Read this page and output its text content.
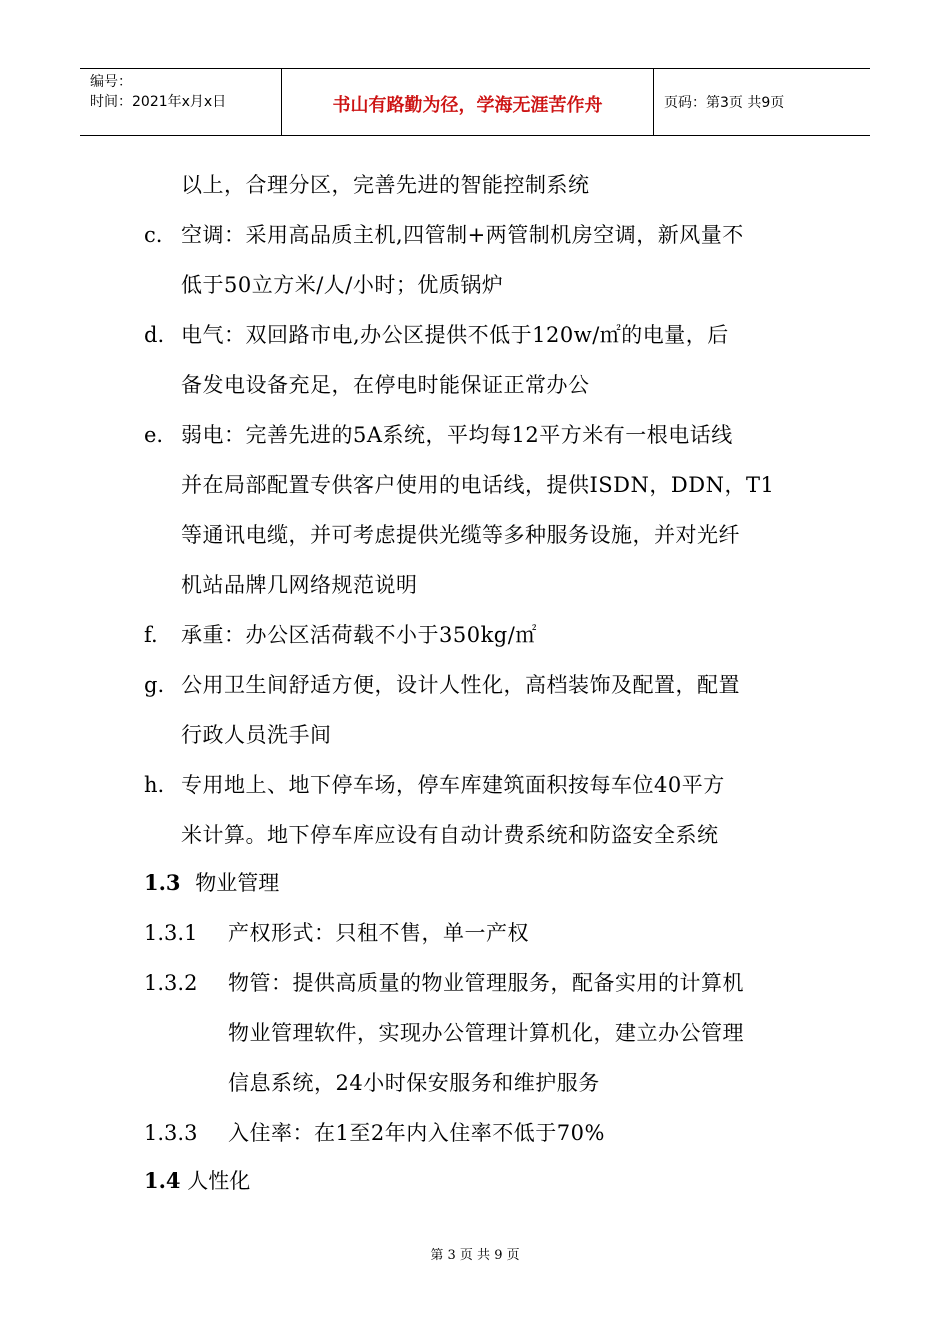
编号：
时间：2021年x月x日	书山有路勤为径，学海无涯苦作舟	页码：第3页 共9页
以上，合理分区，完善先进的智能控制系统
c. 空调：采用高品质主机,四管制+两管制机房空调，新风量不
低于50立方米/人/小时；优质锅炉
d. 电气：双回路市电,办公区提供不低于120w/㎡的电量，后
备发电设备充足，在停电时能保证正常办公
e. 弱电：完善先进的5A系统，平均每12平方米有一根电话线
并在局部配置专供客户使用的电话线，提供ISDN，DDN，T1
等通讯电缆，并可考虑提供光缆等多种服务设施，并对光纤
机站品牌几网络规范说明
f. 承重：办公区活荷载不小于350kg/㎡
g. 公用卫生间舒适方便，设计人性化，高档装饰及配置，配置
行政人员洗手间
h. 专用地上、地下停车场，停车库建筑面积按每车位40平方
米计算。地下停车库应设有自动计费系统和防盗安全系统
1.3 物业管理
1.3.1 产权形式：只租不售，单一产权
1.3.2 物管：提供高质量的物业管理服务，配备实用的计算机
物业管理软件，实现办公管理计算机化，建立办公管理
信息系统，24小时保安服务和维护服务
1.3.3 入住率：在1至2年内入住率不低于70%
1.4 人性化
第 3 页 共 9 页
